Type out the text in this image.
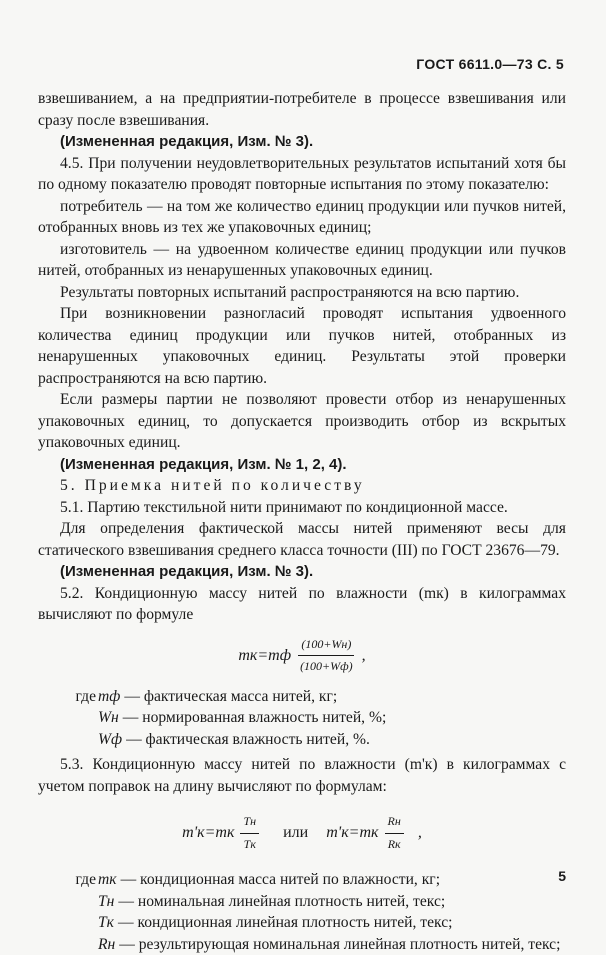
ГОСТ 6611.0—73 С. 5

взвешиванием, а на предприятии-потребителе в процессе взвешивания или сразу после взвешивания.

(Измененная редакция, Изм. № 3).

4.5. При получении неудовлетворительных результатов испытаний хотя бы по одному показателю проводят повторные испытания по этому показателю:

потребитель — на том же количество единиц продукции или пучков нитей, отобранных вновь из тех же упаковочных единиц;

изготовитель — на удвоенном количестве единиц продукции или пучков нитей, отобранных из ненарушенных упаковочных единиц.

Результаты повторных испытаний распространяются на всю партию.

При возникновении разногласий проводят испытания удвоенного количества единиц продукции или пучков нитей, отобранных из ненарушенных упаковочных единиц. Результаты этой проверки распространяются на всю партию.

Если размеры партии не позволяют провести отбор из ненарушенных упаковочных единиц, то допускается производить отбор из вскрытых упаковочных единиц.

(Измененная редакция, Изм. № 1, 2, 4).

5. Приемка нитей по количеству

5.1. Партию текстильной нити принимают по кондиционной массе.

Для определения фактической массы нитей применяют весы для статического взвешивания среднего класса точности (III) по ГОСТ 23676—79.

(Измененная редакция, Изм. № 3).

5.2. Кондиционную массу нитей по влажности (mк) в килограммах вычисляют по формуле

$mк=mф \frac{(100+Wн)}{(100+Wф)}$ ,
где mф — фактическая масса нитей, кг;
Wн — нормированная влажность нитей, %;
Wф — фактическая влажность нитей, %.

5.3. Кондиционную массу нитей по влажности (m'к) в килограммах с учетом поправок на длину вычисляют по формулам:

$m'к=mк \frac{Tн}{Tк}$ или $m'к=mк \frac{Rн}{Rк}$ ,
где mк — кондиционная масса нитей по влажности, кг;
Tн — номинальная линейная плотность нитей, текс;
Tк — кондиционная линейная плотность нитей, текс;
Rн — результирующая номинальная линейная плотность нитей, текс;
5
